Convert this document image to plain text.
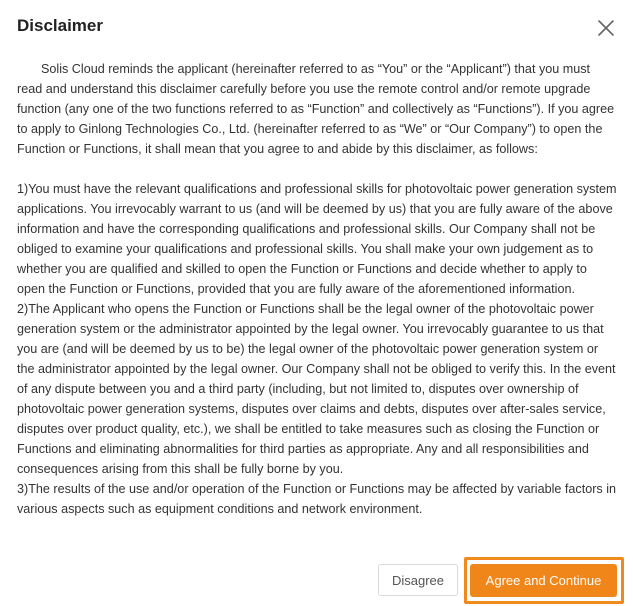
Disclaimer

Solis Cloud reminds the applicant (hereinafter referred to as “You” or the “Applicant”) that you must read and understand this disclaimer carefully before you use the remote control and/or remote upgrade function (any one of the two functions referred to as “Function” and collectively as “Functions”). If you agree to apply to Ginlong Technologies Co., Ltd. (hereinafter referred to as “We” or “Our Company”) to open the Function or Functions, it shall mean that you agree to and abide by this disclaimer, as follows:

1)You must have the relevant qualifications and professional skills for photovoltaic power generation system applications. You irrevocably warrant to us (and will be deemed by us) that you are fully aware of the above information and have the corresponding qualifications and professional skills. Our Company shall not be obliged to examine your qualifications and professional skills. You shall make your own judgement as to whether you are qualified and skilled to open the Function or Functions and decide whether to apply to open the Function or Functions, provided that you are fully aware of the aforementioned information.

2)The Applicant who opens the Function or Functions shall be the legal owner of the photovoltaic power generation system or the administrator appointed by the legal owner. You irrevocably guarantee to us that you are (and will be deemed by us to be) the legal owner of the photovoltaic power generation system or the administrator appointed by the legal owner. Our Company shall not be obliged to verify this. In the event of any dispute between you and a third party (including, but not limited to, disputes over ownership of photovoltaic power generation systems, disputes over claims and debts, disputes over after-sales service, disputes over product quality, etc.), we shall be entitled to take measures such as closing the Function or Functions and eliminating abnormalities for third parties as appropriate. Any and all responsibilities and consequences arising from this shall be fully borne by you.

3)The results of the use and/or operation of the Function or Functions may be affected by variable factors in various aspects such as equipment conditions and network environment.

Disagree	Agree and Continue
